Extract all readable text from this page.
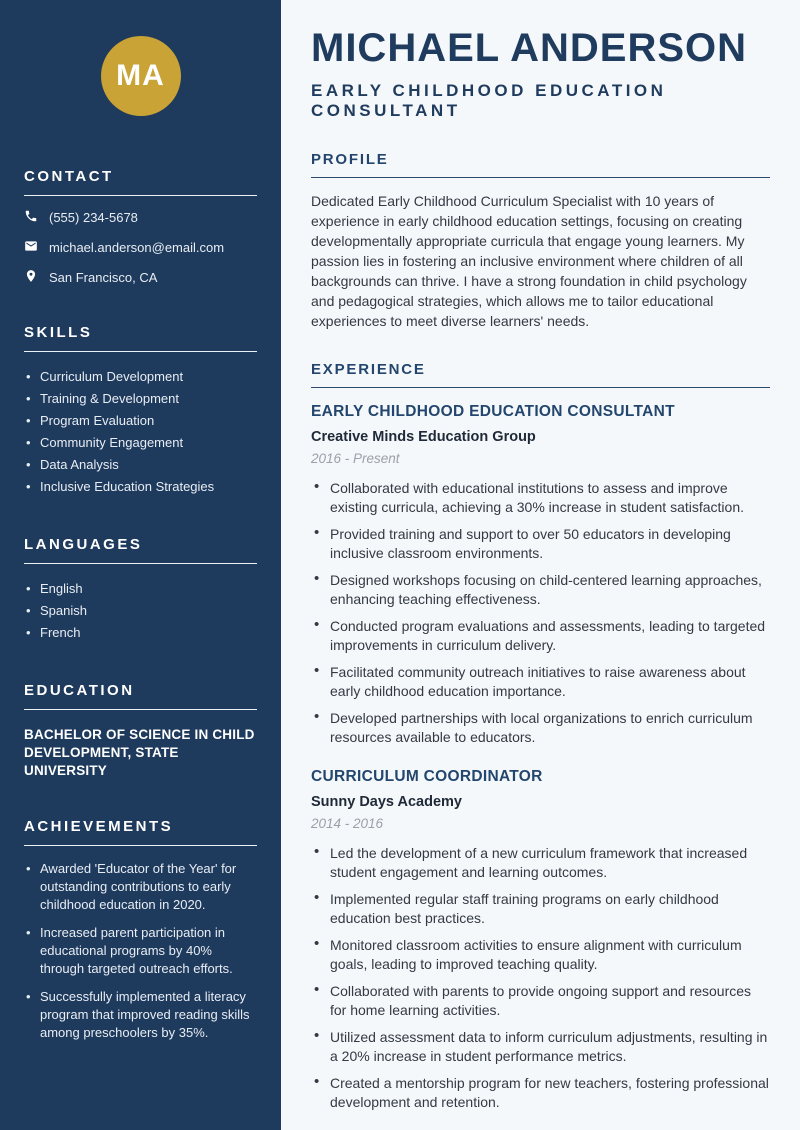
MA
CONTACT
(555) 234-5678
michael.anderson@email.com
San Francisco, CA
SKILLS
• Curriculum Development
• Training & Development
• Program Evaluation
• Community Engagement
• Data Analysis
• Inclusive Education Strategies
LANGUAGES
• English
• Spanish
• French
EDUCATION
BACHELOR OF SCIENCE IN CHILD DEVELOPMENT, STATE UNIVERSITY
ACHIEVEMENTS
• Awarded 'Educator of the Year' for outstanding contributions to early childhood education in 2020.
• Increased parent participation in educational programs by 40% through targeted outreach efforts.
• Successfully implemented a literacy program that improved reading skills among preschoolers by 35%.
MICHAEL ANDERSON
EARLY CHILDHOOD EDUCATION CONSULTANT
PROFILE

Dedicated Early Childhood Curriculum Specialist with 10 years of experience in early childhood education settings, focusing on creating developmentally appropriate curricula that engage young learners. My passion lies in fostering an inclusive environment where children of all backgrounds can thrive. I have a strong foundation in child psychology and pedagogical strategies, which allows me to tailor educational experiences to meet diverse learners' needs.

EXPERIENCE
EARLY CHILDHOOD EDUCATION CONSULTANT
Creative Minds Education Group
2016 - Present
• Collaborated with educational institutions to assess and improve existing curricula, achieving a 30% increase in student satisfaction.
• Provided training and support to over 50 educators in developing inclusive classroom environments.
• Designed workshops focusing on child-centered learning approaches, enhancing teaching effectiveness.
• Conducted program evaluations and assessments, leading to targeted improvements in curriculum delivery.
• Facilitated community outreach initiatives to raise awareness about early childhood education importance.
• Developed partnerships with local organizations to enrich curriculum resources available to educators.
CURRICULUM COORDINATOR
Sunny Days Academy
2014 - 2016
• Led the development of a new curriculum framework that increased student engagement and learning outcomes.
• Implemented regular staff training programs on early childhood education best practices.
• Monitored classroom activities to ensure alignment with curriculum goals, leading to improved teaching quality.
• Collaborated with parents to provide ongoing support and resources for home learning activities.
• Utilized assessment data to inform curriculum adjustments, resulting in a 20% increase in student performance metrics.
• Created a mentorship program for new teachers, fostering professional development and retention.
